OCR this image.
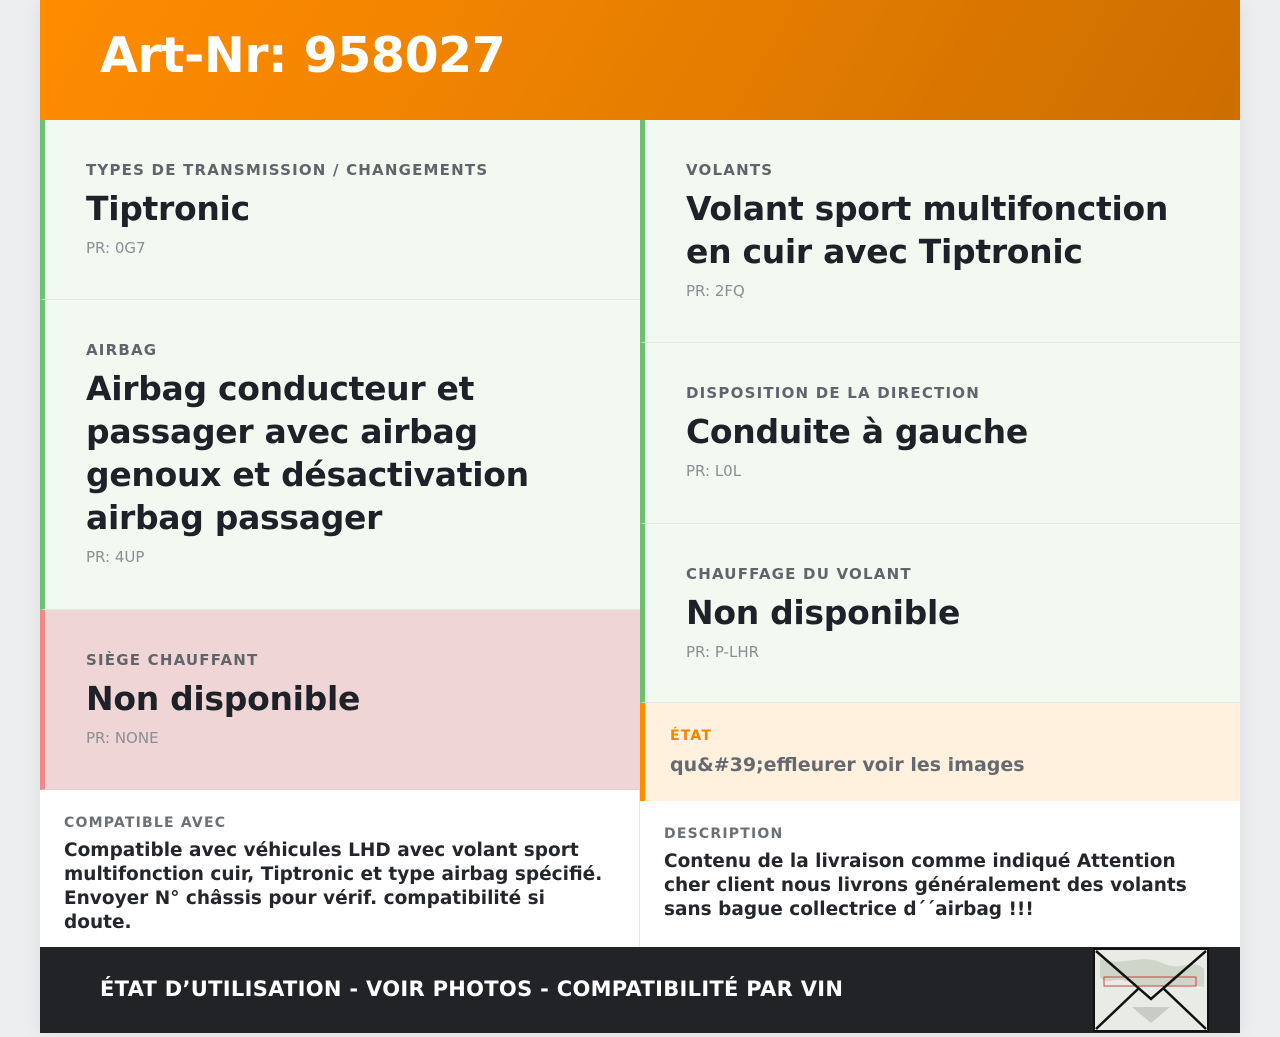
Art-Nr: 958027
TYPES DE TRANSMISSION / CHANGEMENTS
Tiptronic
PR: 0G7
AIRBAG
Airbag conducteur et passager avec airbag genoux et désactivation airbag passager
PR: 4UP
SIÈGE CHAUFFANT
Non disponible
PR: NONE
COMPATIBLE AVEC
Compatible avec véhicules LHD avec volant sport multifonction cuir, Tiptronic et type airbag spécifié. Envoyer N° châssis pour vérif. compatibilité si doute.
VOLANTS
Volant sport multifonction en cuir avec Tiptronic
PR: 2FQ
DISPOSITION DE LA DIRECTION
Conduite à gauche
PR: L0L
CHAUFFAGE DU VOLANT
Non disponible
PR: P-LHR
ÉTAT
qu&#39;effleurer voir les images
DESCRIPTION
Contenu de la livraison comme indiqué Attention cher client nous livrons généralement des volants sans bague collectrice d´´airbag !!!
ÉTAT D’UTILISATION - VOIR PHOTOS - COMPATIBILITÉ PAR VIN
